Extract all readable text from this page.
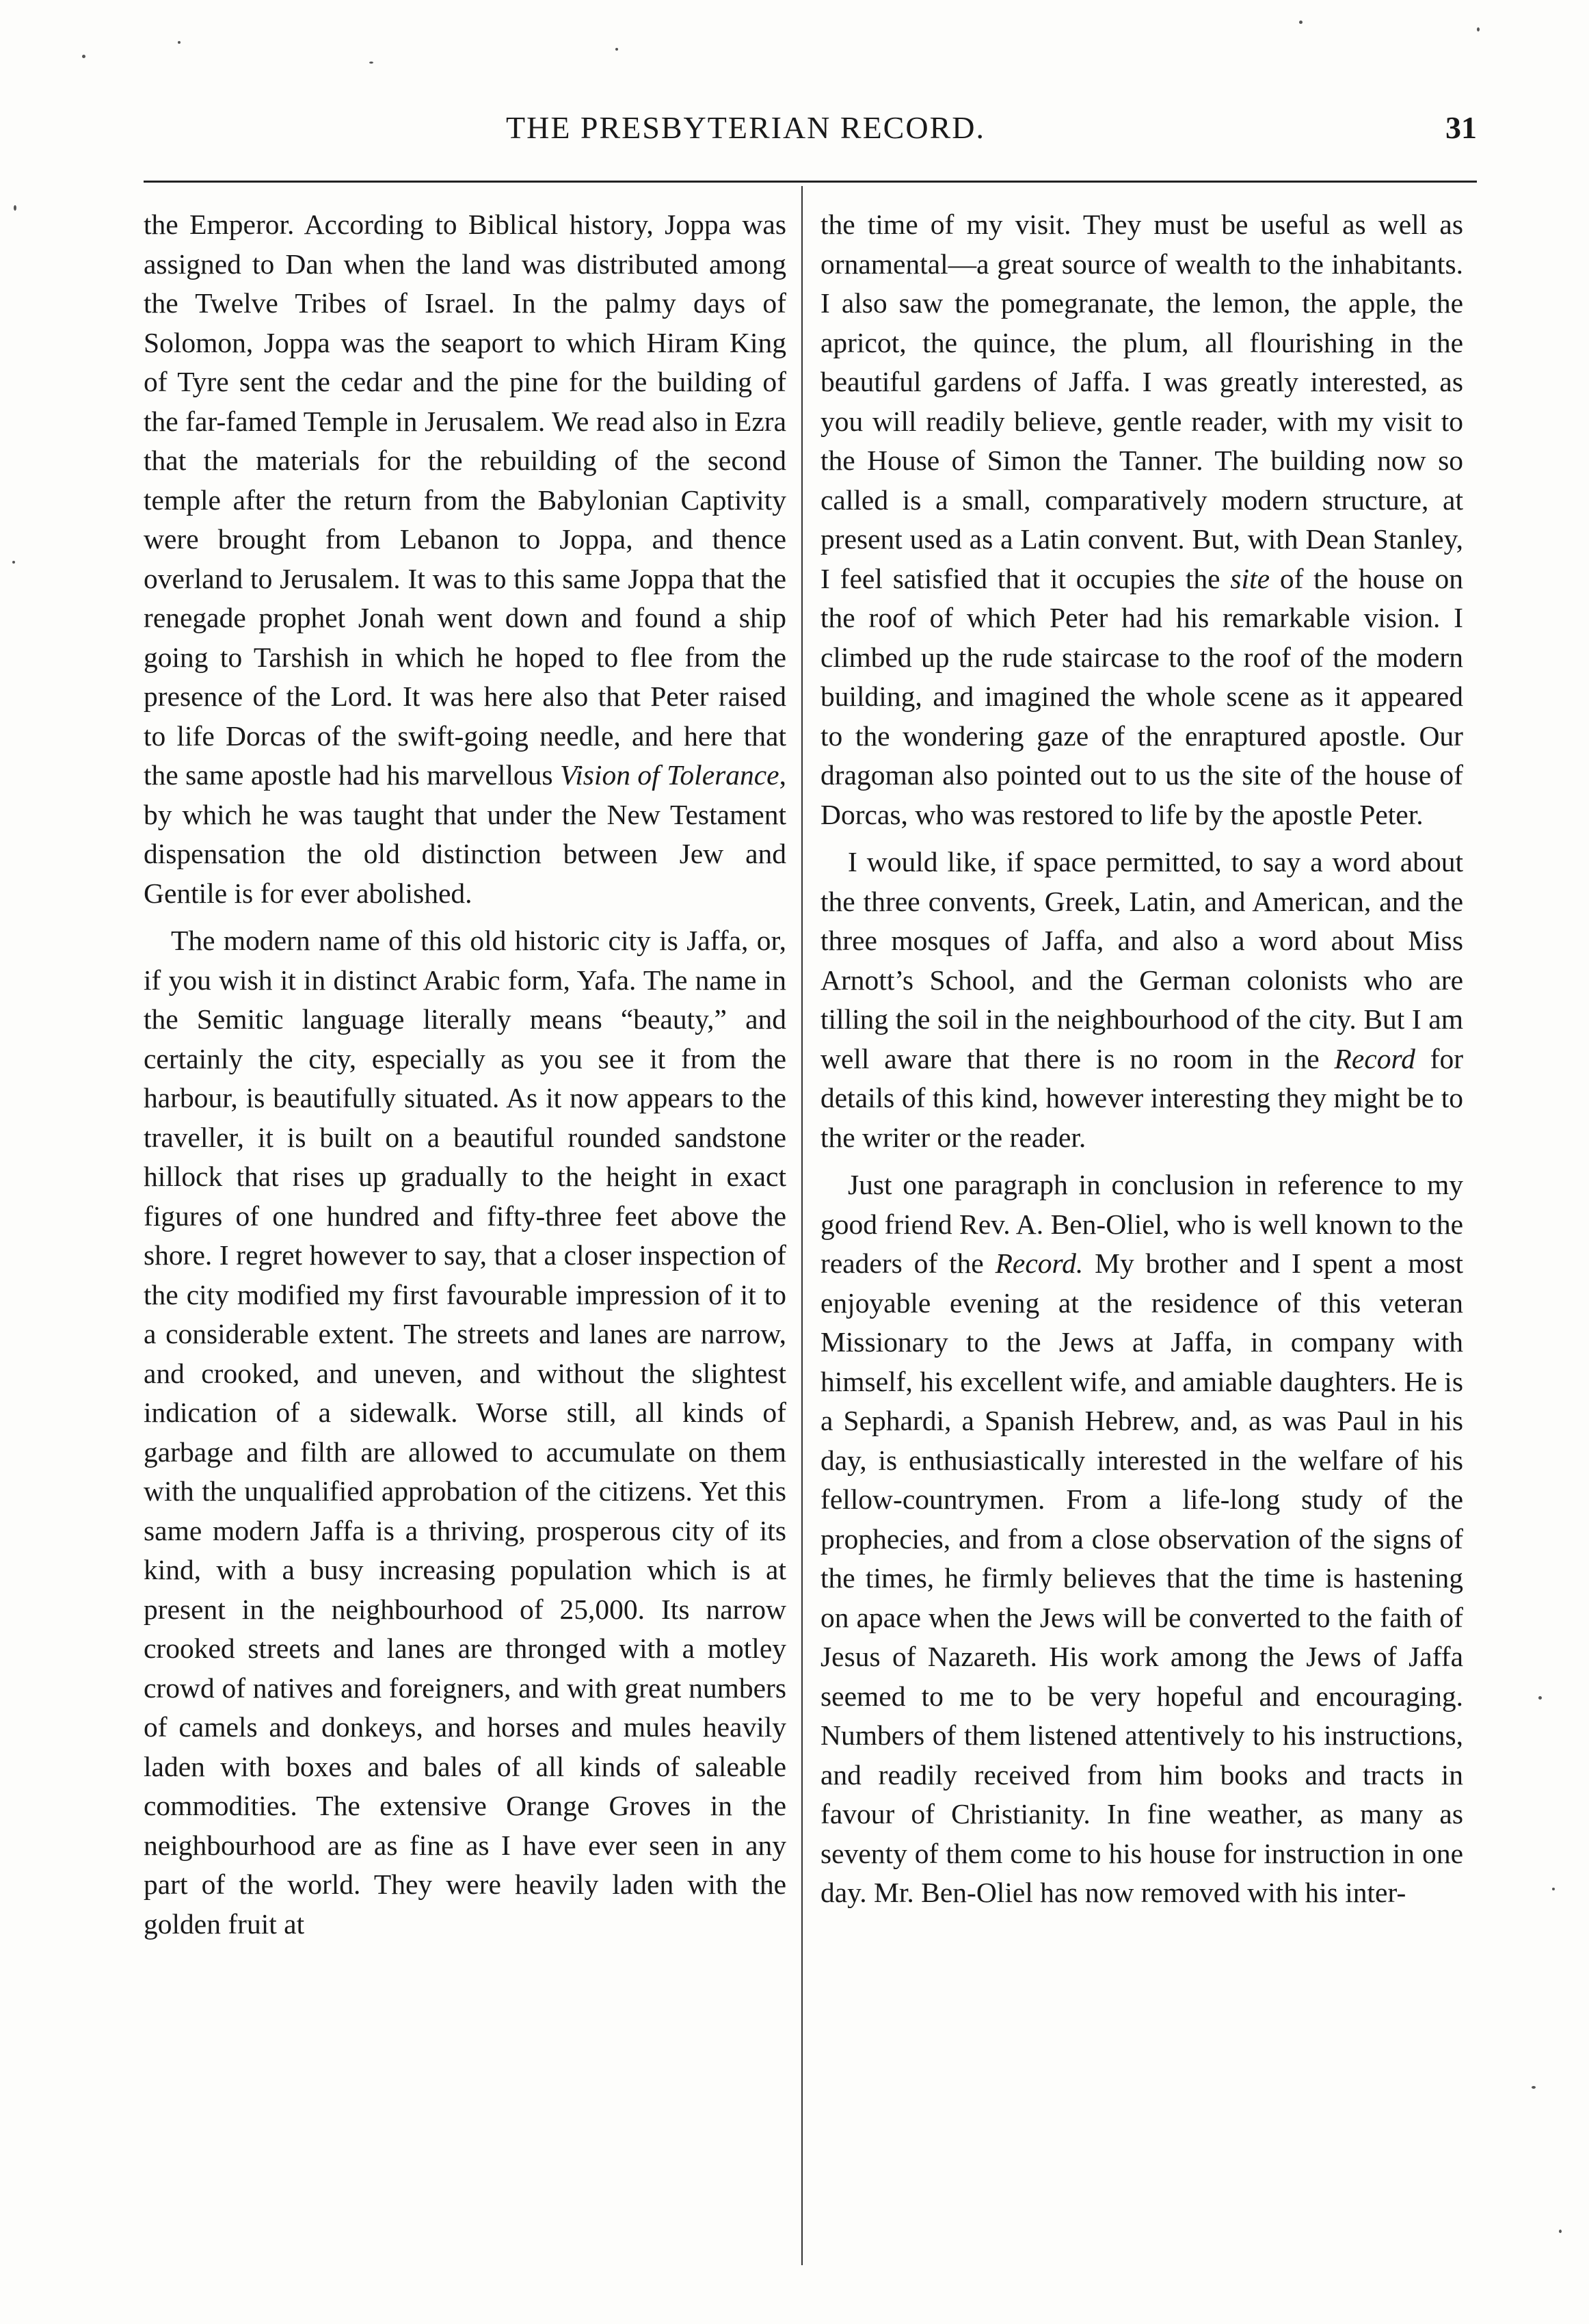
THE PRESBYTERIAN RECORD.	31

the Emperor. According to Biblical history, Joppa was assigned to Dan when the land was distributed among the Twelve Tribes of Israel. In the palmy days of Solomon, Joppa was the seaport to which Hiram King of Tyre sent the cedar and the pine for the building of the far-famed Temple in Jerusalem. We read also in Ezra that the materials for the rebuilding of the second temple after the return from the Babylonian Captivity were brought from Lebanon to Joppa, and thence overland to Jerusalem. It was to this same Joppa that the renegade prophet Jonah went down and found a ship going to Tarshish in which he hoped to flee from the presence of the Lord. It was here also that Peter raised to life Dorcas of the swift-going needle, and here that the same apostle had his marvellous Vision of Tolerance, by which he was taught that under the New Testament dispensation the old distinction between Jew and Gentile is for ever abolished.

The modern name of this old historic city is Jaffa, or, if you wish it in distinct Arabic form, Yafa. The name in the Semitic language literally means “beauty,” and certainly the city, especially as you see it from the harbour, is beautifully situated. As it now appears to the traveller, it is built on a beautiful rounded sandstone hillock that rises up gradually to the height in exact figures of one hundred and fifty-three feet above the shore. I regret however to say, that a closer inspection of the city modified my first favourable impression of it to a considerable extent. The streets and lanes are narrow, and crooked, and uneven, and without the slightest indication of a sidewalk. Worse still, all kinds of garbage and filth are allowed to accumulate on them with the unqualified approbation of the citizens. Yet this same modern Jaffa is a thriving, prosperous city of its kind, with a busy increasing population which is at present in the neighbourhood of 25,000. Its narrow crooked streets and lanes are thronged with a motley crowd of natives and foreigners, and with great numbers of camels and donkeys, and horses and mules heavily laden with boxes and bales of all kinds of saleable commodities. The extensive Orange Groves in the neighbourhood are as fine as I have ever seen in any part of the world. They were heavily laden with the golden fruit at

the time of my visit. They must be useful as well as ornamental—a great source of wealth to the inhabitants. I also saw the pomegranate, the lemon, the apple, the apricot, the quince, the plum, all flourishing in the beautiful gardens of Jaffa. I was greatly interested, as you will readily believe, gentle reader, with my visit to the House of Simon the Tanner. The building now so called is a small, comparatively modern structure, at present used as a Latin convent. But, with Dean Stanley, I feel satisfied that it occupies the site of the house on the roof of which Peter had his remarkable vision. I climbed up the rude staircase to the roof of the modern building, and imagined the whole scene as it appeared to the wondering gaze of the enraptured apostle. Our dragoman also pointed out to us the site of the house of Dorcas, who was restored to life by the apostle Peter.

I would like, if space permitted, to say a word about the three convents, Greek, Latin, and American, and the three mosques of Jaffa, and also a word about Miss Arnott’s School, and the German colonists who are tilling the soil in the neighbourhood of the city. But I am well aware that there is no room in the Record for details of this kind, however interesting they might be to the writer or the reader.

Just one paragraph in conclusion in reference to my good friend Rev. A. Ben-Oliel, who is well known to the readers of the Record. My brother and I spent a most enjoyable evening at the residence of this veteran Missionary to the Jews at Jaffa, in company with himself, his excellent wife, and amiable daughters. He is a Sephardi, a Spanish Hebrew, and, as was Paul in his day, is enthusiastically interested in the welfare of his fellow-countrymen. From a life-long study of the prophecies, and from a close observation of the signs of the times, he firmly believes that the time is hastening on apace when the Jews will be converted to the faith of Jesus of Nazareth. His work among the Jews of Jaffa seemed to me to be very hopeful and encouraging. Numbers of them listened attentively to his instructions, and readily received from him books and tracts in favour of Christianity. In fine weather, as many as seventy of them come to his house for instruction in one day. Mr. Ben-Oliel has now removed with his inter-
